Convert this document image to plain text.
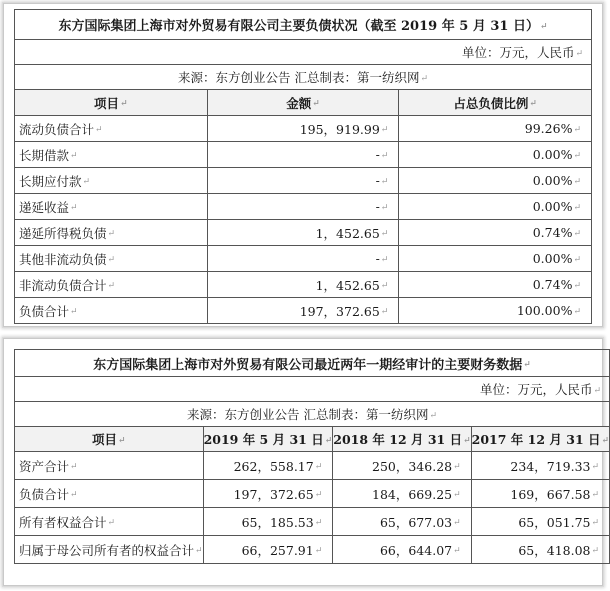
东方国际集团上海市对外贸易有限公司主要负债状况（截至 2019 年 5 月 31 日）↵		
单位：万元，人民币↵		
来源：东方创业公告 汇总制表：第一纺织网↵		
项目↵	金额↵	占总负债比例↵
流动负债合计↵	195，919.99↵	99.26%↵
长期借款↵	-↵	0.00%↵
长期应付款↵	-↵	0.00%↵
递延收益↵	-↵	0.00%↵
递延所得税负债↵	1，452.65↵	0.74%↵
其他非流动负债↵	-↵	0.00%↵
非流动负债合计↵	1，452.65↵	0.74%↵
负债合计↵	197，372.65↵	100.00%↵
东方国际集团上海市对外贸易有限公司最近两年一期经审计的主要财务数据↵			
单位：万元，人民币↵			
来源：东方创业公告 汇总制表：第一纺织网↵			
项目↵	2019 年 5 月 31 日↵	2018 年 12 月 31 日↵	2017 年 12 月 31 日↵
资产合计↵	262，558.17↵	250，346.28↵	234，719.33↵
负债合计↵	197，372.65↵	184，669.25↵	169，667.58↵
所有者权益合计↵	65，185.53↵	65，677.03↵	65，051.75↵
归属于母公司所有者的权益合计↵	66，257.91↵	66，644.07↵	65，418.08↵
